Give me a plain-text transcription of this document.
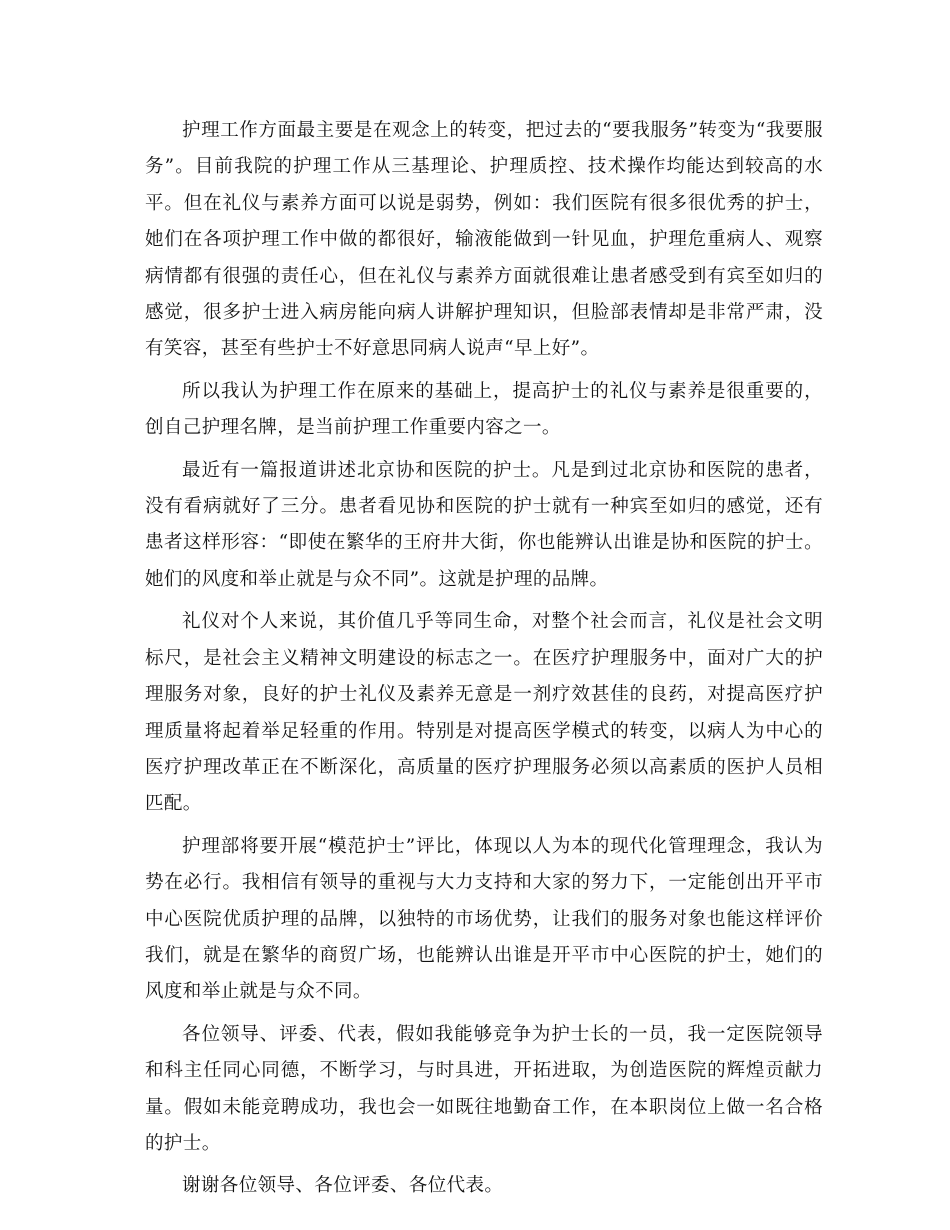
护理工作方面最主要是在观念上的转变，把过去的“要我服务”转变为“我要服务”。目前我院的护理工作从三基理论、护理质控、技术操作均能达到较高的水平。但在礼仪与素养方面可以说是弱势，例如：我们医院有很多很优秀的护士，她们在各项护理工作中做的都很好，输液能做到一针见血，护理危重病人、观察病情都有很强的责任心，但在礼仪与素养方面就很难让患者感受到有宾至如归的感觉，很多护士进入病房能向病人讲解护理知识，但脸部表情却是非常严肃，没有笑容，甚至有些护士不好意思同病人说声“早上好”。

所以我认为护理工作在原来的基础上，提高护士的礼仪与素养是很重要的，创自己护理名牌，是当前护理工作重要内容之一。

最近有一篇报道讲述北京协和医院的护士。凡是到过北京协和医院的患者，没有看病就好了三分。患者看见协和医院的护士就有一种宾至如归的感觉，还有患者这样形容：“即使在繁华的王府井大街，你也能辨认出谁是协和医院的护士。她们的风度和举止就是与众不同”。这就是护理的品牌。

礼仪对个人来说，其价值几乎等同生命，对整个社会而言，礼仪是社会文明标尺，是社会主义精神文明建设的标志之一。在医疗护理服务中，面对广大的护理服务对象，良好的护士礼仪及素养无意是一剂疗效甚佳的良药，对提高医疗护理质量将起着举足轻重的作用。特别是对提高医学模式的转变，以病人为中心的医疗护理改革正在不断深化，高质量的医疗护理服务必须以高素质的医护人员相匹配。

护理部将要开展“模范护士”评比，体现以人为本的现代化管理理念，我认为势在必行。我相信有领导的重视与大力支持和大家的努力下，一定能创出开平市中心医院优质护理的品牌，以独特的市场优势，让我们的服务对象也能这样评价我们，就是在繁华的商贸广场，也能辨认出谁是开平市中心医院的护士，她们的风度和举止就是与众不同。

各位领导、评委、代表，假如我能够竞争为护士长的一员，我一定医院领导和科主任同心同德，不断学习，与时具进，开拓进取，为创造医院的辉煌贡献力量。假如未能竞聘成功，我也会一如既往地勤奋工作，在本职岗位上做一名合格的护士。

谢谢各位领导、各位评委、各位代表。
